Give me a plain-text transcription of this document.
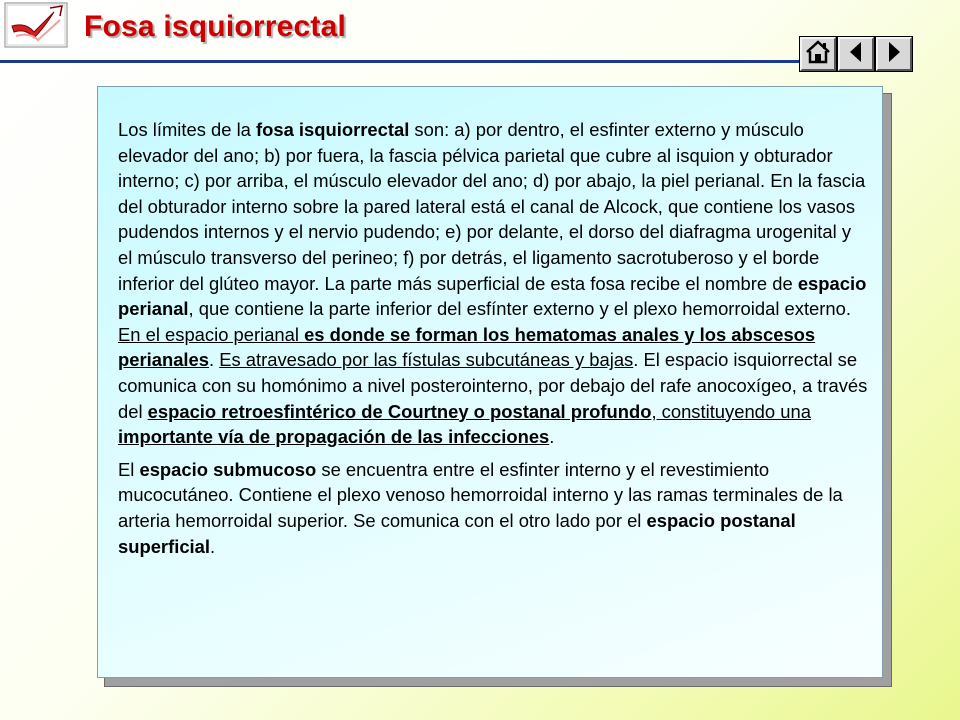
Fosa isquiorrectal

Los límites de la fosa isquiorrectal son: a) por dentro, el esfinter externo y músculo elevador del ano; b) por fuera, la fascia pélvica parietal que cubre al isquion y obturador interno; c) por arriba, el músculo elevador del ano; d) por abajo, la piel perianal. En la fascia del obturador interno sobre la pared lateral está el canal de Alcock, que contiene los vasos pudendos internos y el nervio pudendo; e) por delante, el dorso del diafragma urogenital y el músculo transverso del perineo; f) por detrás, el ligamento sacrotuberoso y el borde inferior del glúteo mayor. La parte más superficial de esta fosa recibe el nombre de espacio perianal, que contiene la parte inferior del esfínter externo y el plexo hemorroidal externo. En el espacio perianal es donde se forman los hematomas anales y los abscesos perianales. Es atravesado por las fístulas subcutáneas y bajas. El espacio isquiorrectal se comunica con su homónimo a nivel posterointerno, por debajo del rafe anocoxígeo, a través del espacio retroesfintérico de Courtney o postanal profundo, constituyendo una importante vía de propagación de las infecciones.

El espacio submucoso se encuentra entre el esfinter interno y el revestimiento mucocutáneo. Contiene el plexo venoso hemorroidal interno y las ramas terminales de la arteria hemorroidal superior. Se comunica con el otro lado por el espacio postanal superficial.
